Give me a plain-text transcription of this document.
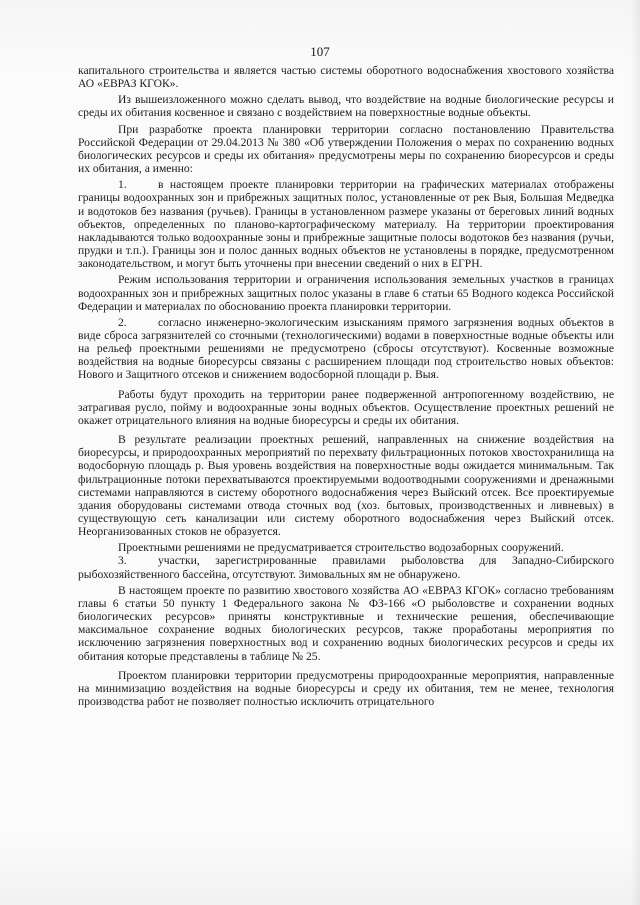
107

капитального строительства и является частью системы оборотного водоснабжения хвостового хозяйства АО «ЕВРАЗ КГОК».

Из вышеизложенного можно сделать вывод, что воздействие на водные биологические ресурсы и среды их обитания косвенное и связано с воздействием на поверхностные водные объекты.

При разработке проекта планировки территории согласно постановлению Правительства Российской Федерации от 29.04.2013 № 380 «Об утверждении Положения о мерах по сохранению водных биологических ресурсов и среды их обитания» предусмотрены меры по сохранению биоресурсов и среды их обитания, а именно:

1.	в настоящем проекте планировки территории на графических материалах отображены границы водоохранных зон и прибрежных защитных полос, установленные от рек Выя, Большая Медведка и водотоков без названия (ручьев). Границы в установленном размере указаны от береговых линий водных объектов, определенных по планово-картографическому материалу. На территории проектирования накладываются только водоохранные зоны и прибрежные защитные полосы водотоков без названия (ручьи, прудки и т.п.). Границы зон и полос данных водных объектов не установлены в порядке, предусмотренном законодательством, и могут быть уточнены при внесении сведений о них в ЕГРН.

Режим использования территории и ограничения использования земельных участков в границах водоохранных зон и прибрежных защитных полос указаны в главе 6 статьи 65 Водного кодекса Российской Федерации и материалах по обоснованию проекта планировки территории.

2.	согласно инженерно-экологическим изысканиям прямого загрязнения водных объектов в виде сброса загрязнителей со сточными (технологическими) водами в поверхностные водные объекты или на рельеф проектными решениями не предусмотрено (сбросы отсутствуют). Косвенные возможные воздействия на водные биоресурсы связаны с расширением площади под строительство новых объектов: Нового и Защитного отсеков и снижением водосборной площади р. Выя.

Работы будут проходить на территории ранее подверженной антропогенному воздействию, не затрагивая русло, пойму и водоохранные зоны водных объектов. Осуществление проектных решений не окажет отрицательного влияния на водные биоресурсы и среды их обитания.

В результате реализации проектных решений, направленных на снижение воздействия на биоресурсы, и природоохранных мероприятий по перехвату фильтрационных потоков хвостохранилища на водосборную площадь р. Выя уровень воздействия на поверхностные воды ожидается минимальным. Так фильтрационные потоки перехватываются проектируемыми водоотводными сооружениями и дренажными системами направляются в систему оборотного водоснабжения через Выйский отсек. Все проектируемые здания оборудованы системами отвода сточных вод (хоз. бытовых, производственных и ливневых) в существующую сеть канализации или систему оборотного водоснабжения через Выйский отсек. Неорганизованных стоков не образуется.

Проектными решениями не предусматривается строительство водозаборных сооружений.

3.	участки, зарегистрированные правилами рыболовства для Западно-Сибирского рыбохозяйственного бассейна, отсутствуют. Зимовальных ям не обнаружено.

В настоящем проекте по развитию хвостового хозяйства АО «ЕВРАЗ КГОК» согласно требованиям главы 6 статьи 50 пункту 1 Федерального закона № ФЗ-166 «О рыболовстве и сохранении водных биологических ресурсов» приняты конструктивные и технические решения, обеспечивающие максимальное сохранение водных биологических ресурсов, также проработаны мероприятия по исключению загрязнения поверхностных вод и сохранению водных биологических ресурсов и среды их обитания которые представлены в таблице № 25.

Проектом планировки территории предусмотрены природоохранные мероприятия, направленные на минимизацию воздействия на водные биоресурсы и среду их обитания, тем не менее, технология производства работ не позволяет полностью исключить отрицательного
